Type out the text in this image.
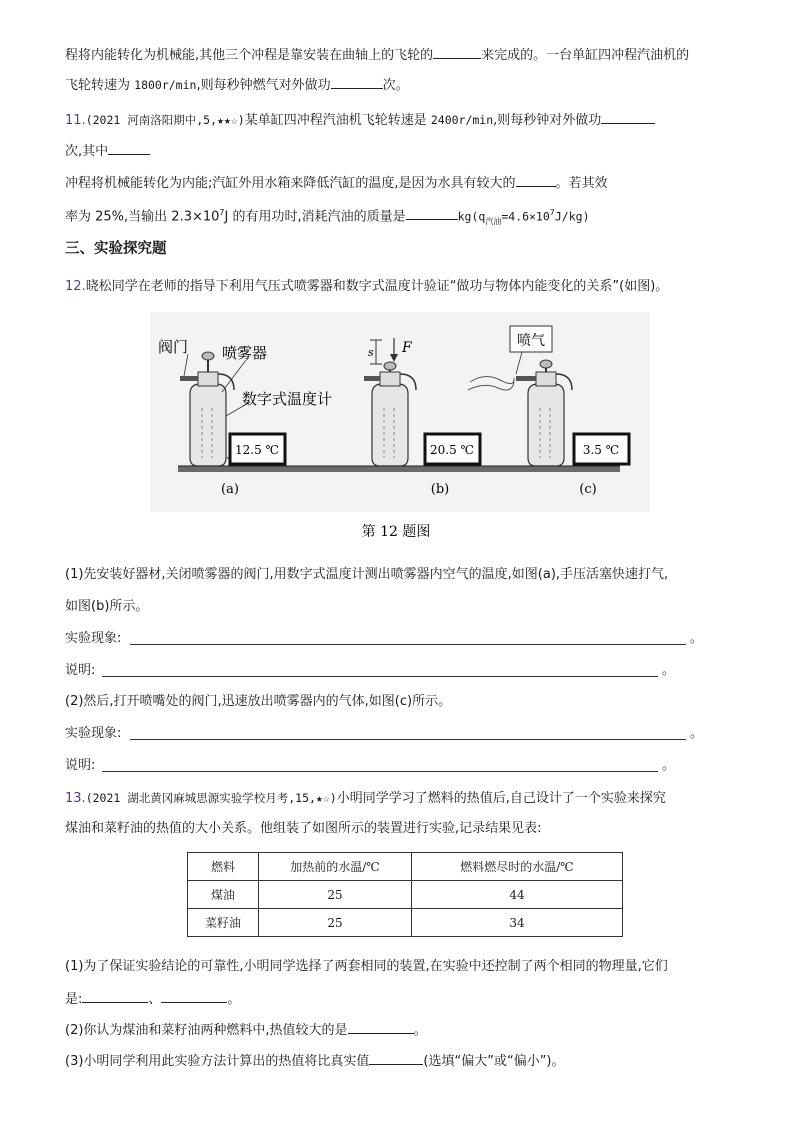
程将内能转化为机械能,其他三个冲程是靠安装在曲轴上的飞轮的	来完成的。一台单缸四冲程汽油机的
飞轮转速为 1800r/min,则每秒钟燃气对外做功	次。
11.(2021 河南洛阳期中,5,★★☆)某单缸四冲程汽油机飞轮转速是 2400r/min,则每秒钟对外做功
次,其中
冲程将机械能转化为内能;汽缸外用水箱来降低汽缸的温度,是因为水具有较大的	。若其效
率为 25%,当输出 $2.3\times 10^7J$ 的有用功时,消耗汽油的质量是	$kg(q_{汽油}=4.6\times 10^7J/kg)$
三、实验探究题
12.晓松同学在老师的指导下利用气压式喷雾器和数字式温度计验证“做功与物体内能变化的关系”(如图)。
阀门 喷雾器
数字式温度计
12.5 ℃
(a)
s F
20.5 ℃
(b)
喷气
3.5 ℃
(c)
第 12 题图
(1)先安装好器材,关闭喷雾器的阀门,用数字式温度计测出喷雾器内空气的温度,如图(a),手压活塞快速打气,
如图(b)所示。
实验现象:	。
说明:	。
(2)然后,打开喷嘴处的阀门,迅速放出喷雾器内的气体,如图(c)所示。
实验现象:	。
说明:	。
13.(2021 湖北黄冈麻城思源实验学校月考,15,★☆)小明同学学习了燃料的热值后,自己设计了一个实验来探究
煤油和菜籽油的热值的大小关系。他组装了如图所示的装置进行实验,记录结果见表:
燃料	加热前的水温/℃	燃料燃尽时的水温/℃
煤油	25	44
菜籽油	25	34
(1)为了保证实验结论的可靠性,小明同学选择了两套相同的装置,在实验中还控制了两个相同的物理量,它们
是:	、	。
(2)你认为煤油和菜籽油两种燃料中,热值较大的是	。
(3)小明同学利用此实验方法计算出的热值将比真实值	(选填“偏大”或“偏小”)。
